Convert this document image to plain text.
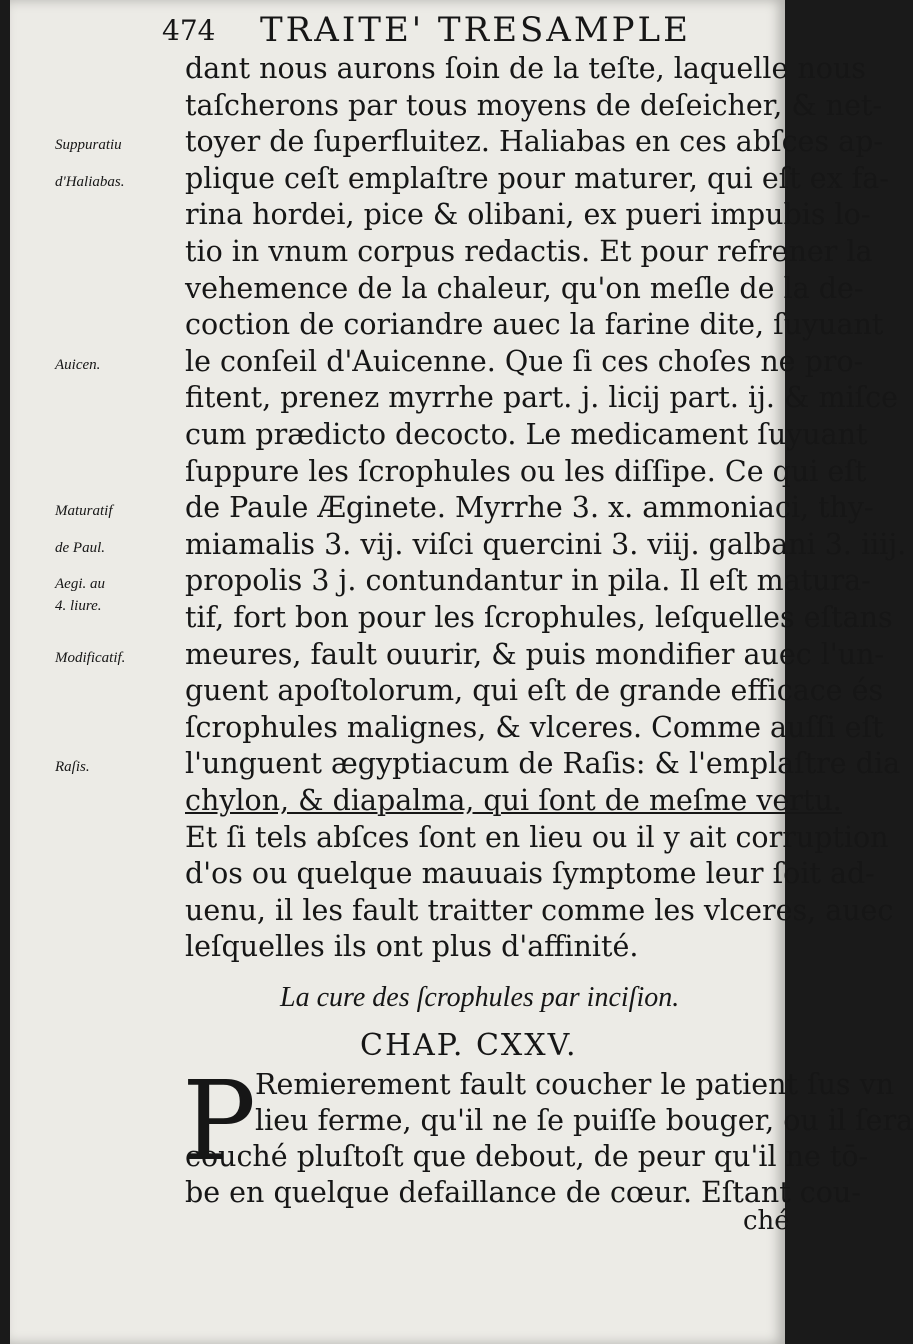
474 TRAITE' TRESAMPLE
dant nous aurons ſoin de la teſte, laquelle nous
taſcherons par tous moyens de deſeicher, & net-
toyer de ſuperfluitez. Haliabas en ces abſces ap-
plique ceſt emplaſtre pour maturer, qui eſt ex fa-
rina hordei, pice & olibani, ex pueri impubis lo-
tio in vnum corpus redactis. Et pour refrener la
vehemence de la chaleur, qu'on meſle de la de-
coction de coriandre auec la farine dite, ſuyuant
le conſeil d'Auicenne. Que ſi ces choſes ne pro-
fitent, prenez myrrhe part. j. licij part. ij. & miſce
cum prædicto decocto. Le medicament ſuyuant
ſuppure les ſcrophules ou les diſſipe. Ce qui eſt
de Paule Æginete. Myrrhe 3. x. ammoniaci, thy-
miamalis 3. vij. viſci quercini 3. viij. galbani 3. iiij.
propolis 3 j. contundantur in pila. Il eſt matura-
tif, fort bon pour les ſcrophules, leſquelles eſtans
meures, fault ouurir, & puis mondifier auec l'un-
guent apoſtolorum, qui eſt de grande efficace és
ſcrophules malignes, & vlceres. Comme auſſi eſt
l'unguent ægyptiacum de Raſis: & l'emplaſtre dia
chylon, & diapalma, qui ſont de meſme vertu.
Et ſi tels abſces ſont en lieu ou il y ait corruption
d'os ou quelque mauuais ſymptome leur ſoit ad-
uenu, il les fault traitter comme les vlceres, auec
leſquelles ils ont plus d'affinité.
Suppuratiu
d'Haliabas.
Auicen.
Maturatif
de Paul.
Aegi. au
4. liure.
Modificatif.
Raſis.
La cure des ſcrophules par inciſion.
CHAP. CXXV.
P
Remierement fault coucher le patient ſus vn
lieu ferme, qu'il ne ſe puiſſe bouger, ou il ſera
couché pluſtoſt que debout, de peur qu'il ne tō-
be en quelque defaillance de cœur. Eſtant cou-
ché
